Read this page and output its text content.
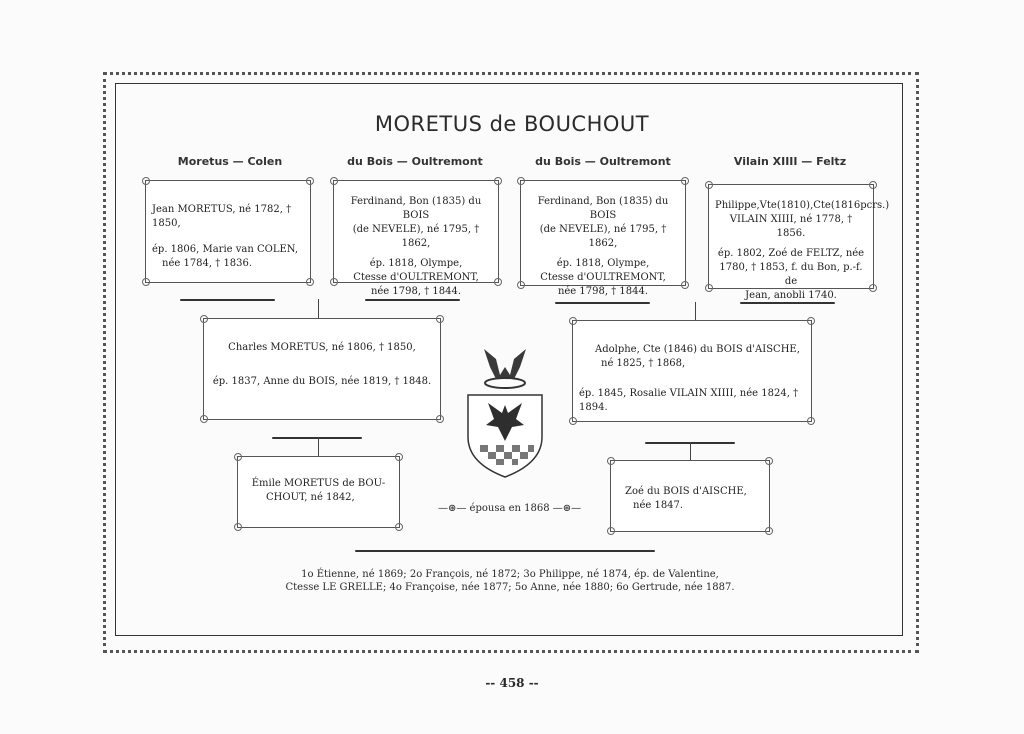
MORETUS de BOUCHOUT
Moretus — Colen	du Bois — Oultremont	du Bois — Oultremont	Vilain XIIII — Feltz
Jean MORETUS, né 1782, † 1850,
ép. 1806, Marie van COLEN,
née 1784, † 1836.
Ferdinand, Bon (1835) du BOIS
(de NEVELE), né 1795, † 1862,
ép. 1818, Olympe,
Ctesse d'OULTREMONT,
née 1798, † 1844.
Ferdinand, Bon (1835) du BOIS
(de NEVELE), né 1795, † 1862,
ép. 1818, Olympe,
Ctesse d'OULTREMONT,
née 1798, † 1844.
Philippe,Vte(1810),Cte(1816pcrs.)
VILAIN XIIII, né 1778, † 1856.
ép. 1802, Zoé de FELTZ, née
1780, † 1853, f. du Bon, p.-f. de
Jean, anobli 1740.
Charles MORETUS, né 1806, † 1850,
ép. 1837, Anne du BOIS, née 1819, † 1848.
Adolphe, Cte (1846) du BOIS d'AISCHE,
né 1825, † 1868,
ép. 1845, Rosalie VILAIN XIIII, née 1824, † 1894.
Émile MORETUS de BOU-
CHOUT, né 1842,
—⊛— épousa en 1868 —⊛—
Zoé du BOIS d'AISCHE,
née 1847.
1o Étienne, né 1869; 2o François, né 1872; 3o Philippe, né 1874, ép. de Valentine,
Ctesse LE GRELLE; 4o Françoise, née 1877; 5o Anne, née 1880; 6o Gertrude, née 1887.
-- 458 --
